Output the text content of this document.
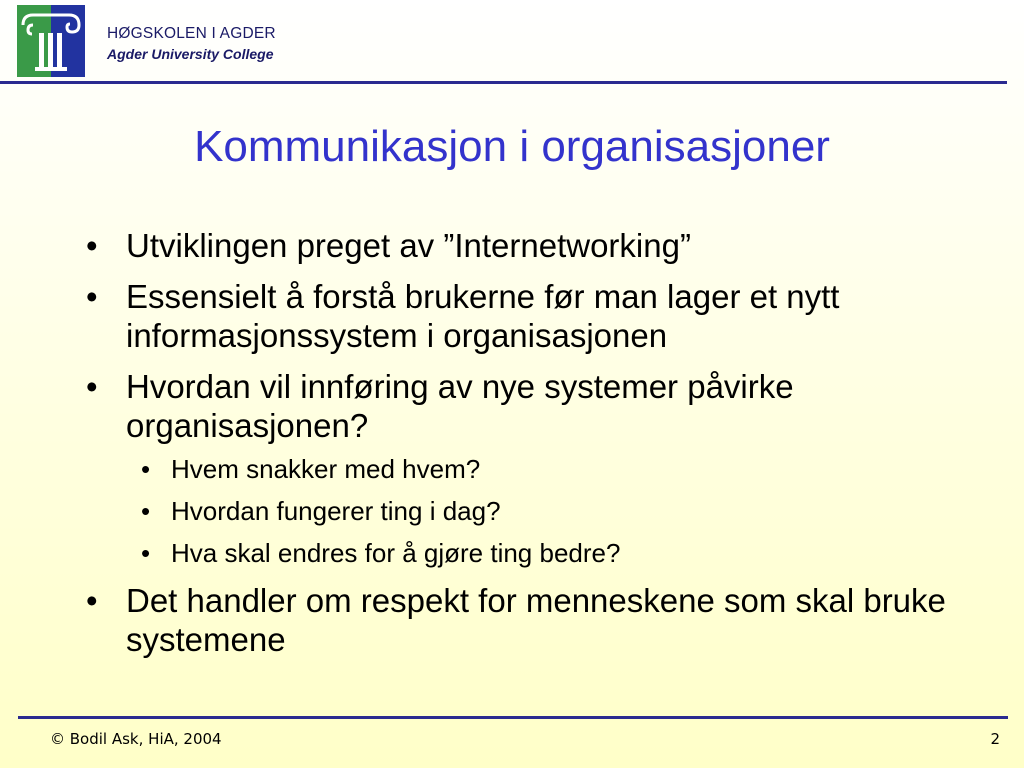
HØGSKOLEN I AGDER
Agder University College
Kommunikasjon i organisasjoner
• Utviklingen preget av ”Internetworking”
• Essensielt å forstå brukerne før man lager et nytt informasjonssystem i organisasjonen
• Hvordan vil innføring av nye systemer påvirke organisasjonen?
• Hvem snakker med hvem?
• Hvordan fungerer ting i dag?
• Hva skal endres for å gjøre ting bedre?
• Det handler om respekt for menneskene som skal bruke systemene
© Bodil Ask, HiA, 2004	2
